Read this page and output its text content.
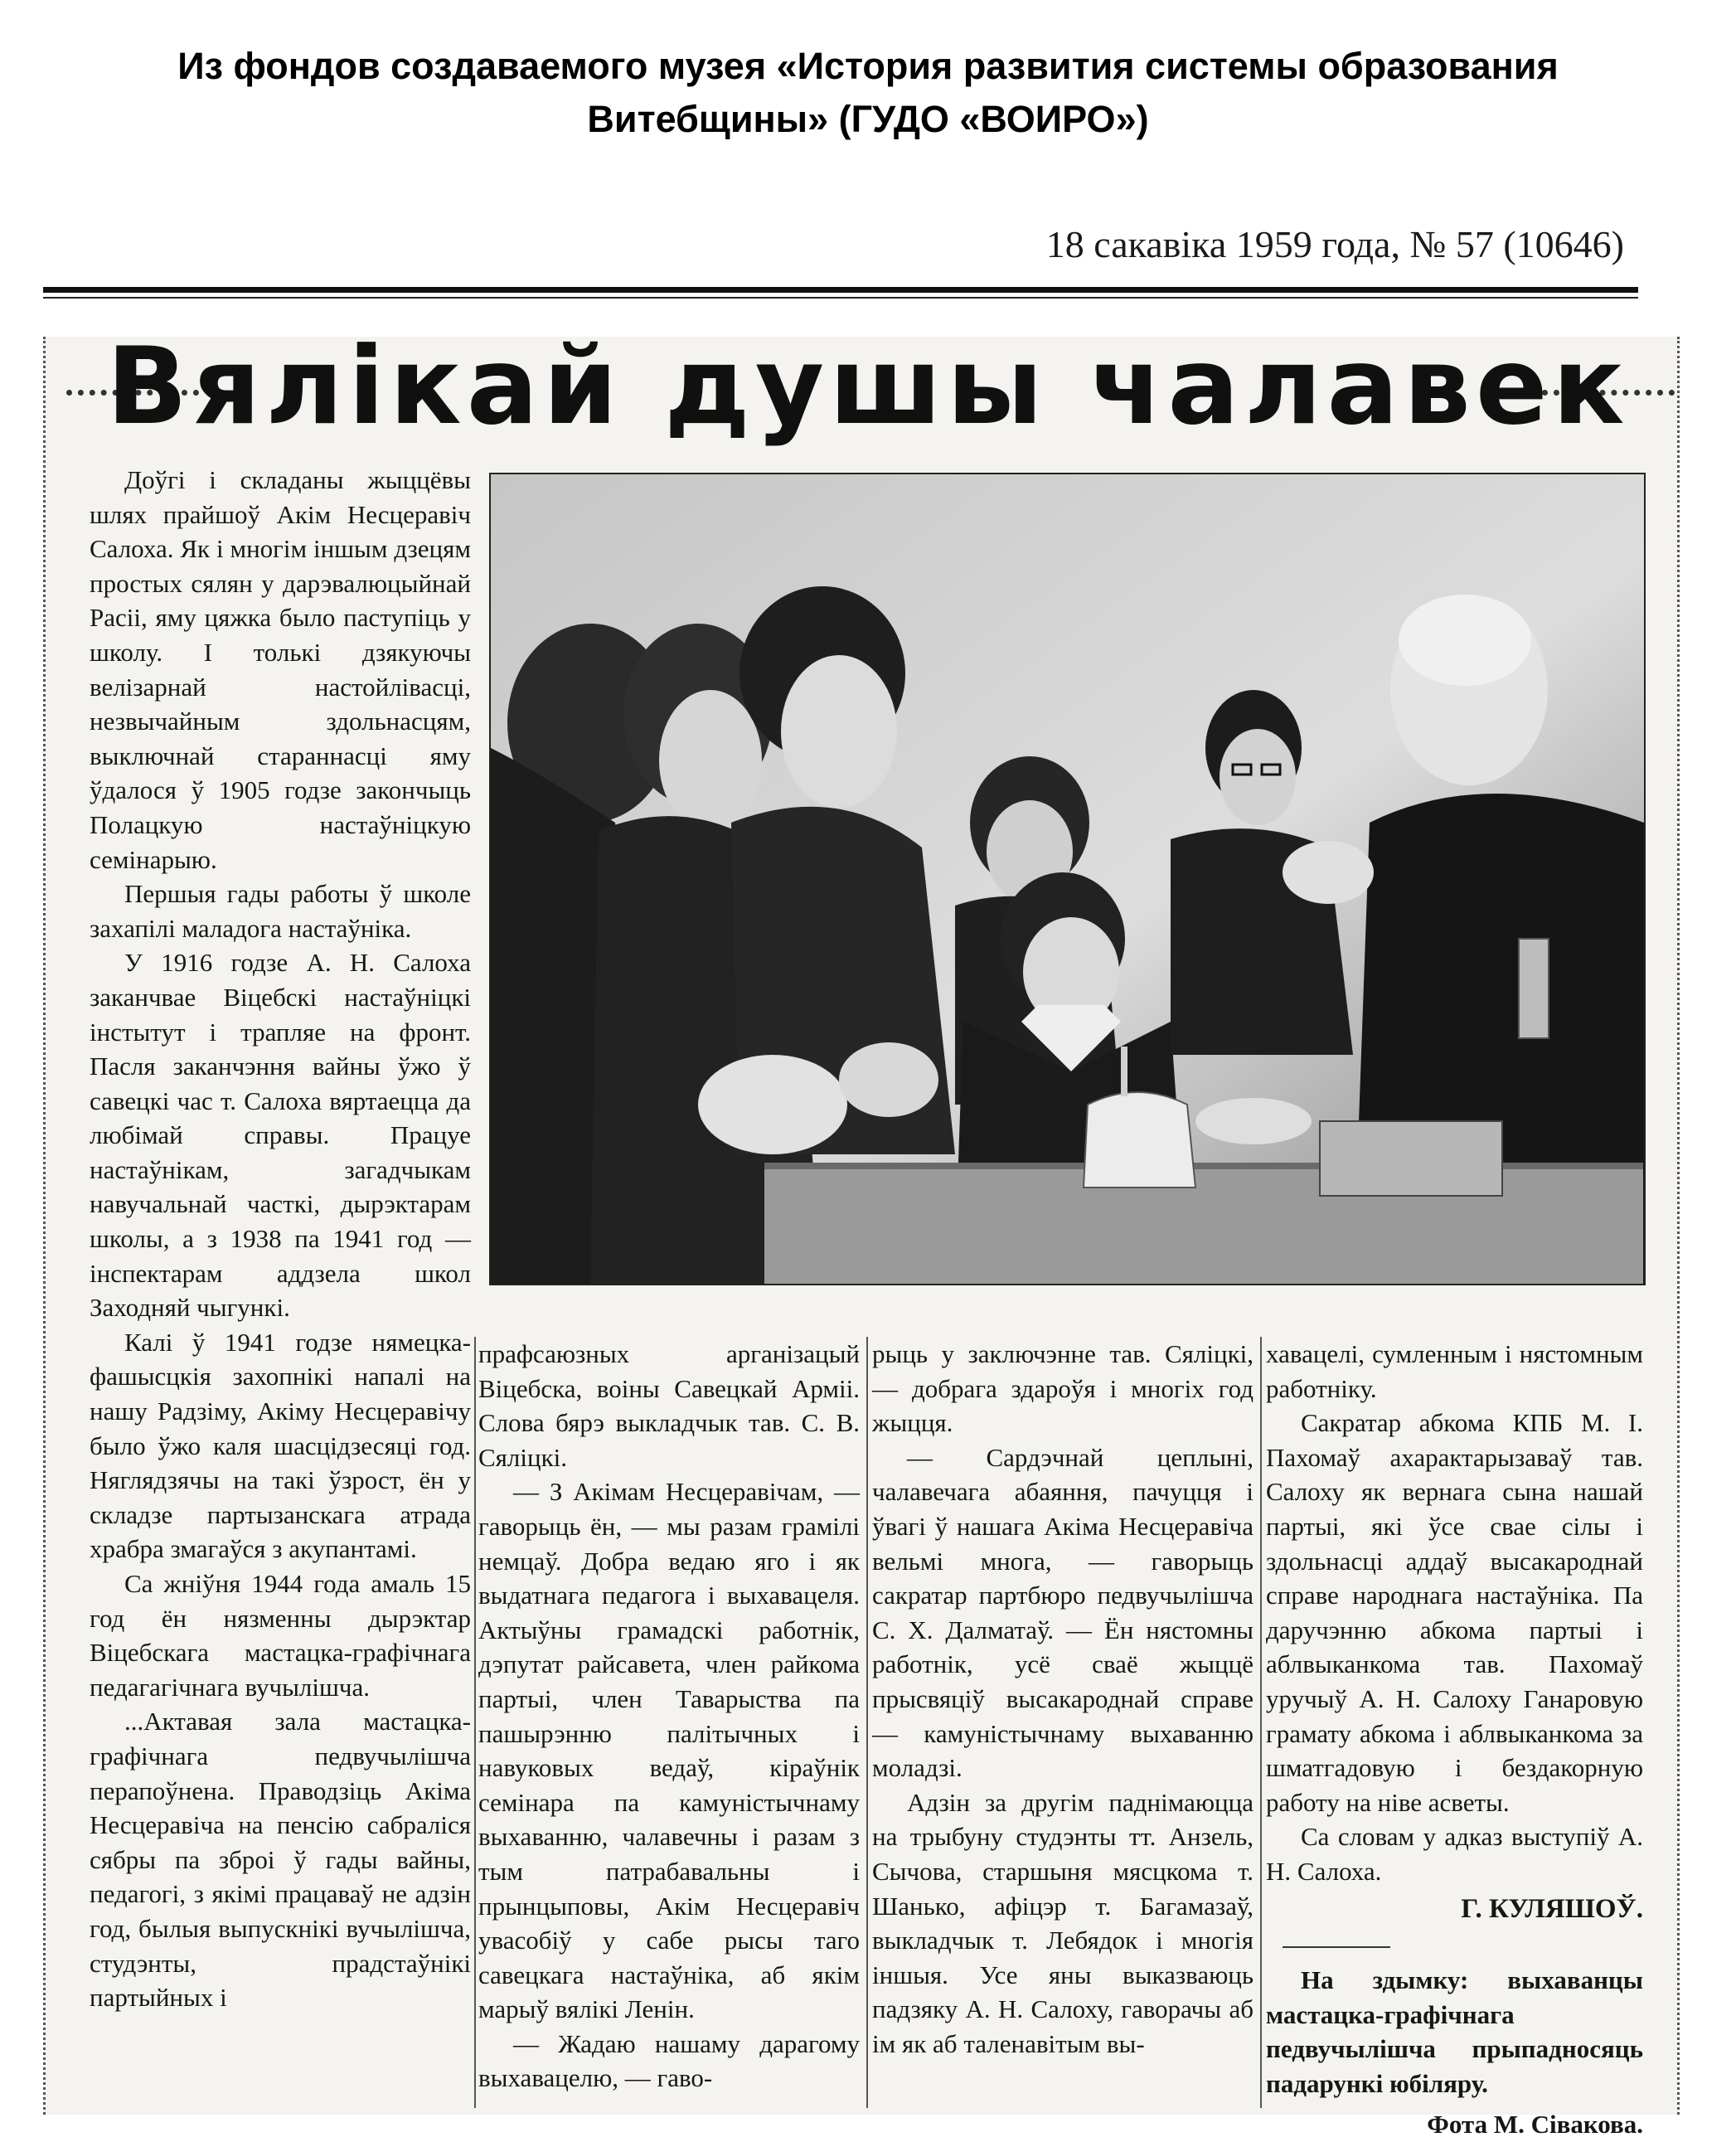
Из фондов создаваемого музея «История развития системы образования
Витебщины» (ГУДО «ВОИРО»)
18 сакавіка 1959 года, № 57 (10646)
Вялікай душы чалавек

Доўгі і складаны жыццёвы шлях прайшоў Акім Несцеравіч Салоха. Як і многім іншым дзецям простых сялян у дарэвалюцыйнай Расіі, яму цяжка было паступіць у школу. І толькі дзякуючы велізарнай настойлівасці, незвычайным здольнасцям, выключнай стараннасці яму ўдалося ў 1905 годзе закончыць Полацкую настаўніцкую семінарыю.

Першыя гады работы ў школе захапілі маладога настаўніка.

У 1916 годзе А. Н. Салоха заканчвае Віцебскі настаўніцкі інстытут і трапляе на фронт. Пасля заканчэння вайны ўжо ў савецкі час т. Салоха вяртаецца да любімай справы. Працуе настаўнікам, загадчыкам навучальнай часткі, дырэктарам школы, а з 1938 па 1941 год — інспектарам аддзела школ Заходняй чыгункі.

Калі ў 1941 годзе нямецка-фашысцкія захопнікі напалі на нашу Радзіму, Акіму Несцеравічу было ўжо каля шасцідзесяці год. Няглядзячы на такі ўзрост, ён у складзе партызанскага атрада храбра змагаўся з акупантамі.

Са жніўня 1944 года амаль 15 год ён нязменны дырэктар Віцебскага мастацка-графічнага педагагічнага вучылішча.

...Актавая зала мастацка-графічнага педвучылішча перапоўнена. Праводзіць Акіма Несцеравіча на пенсію сабраліся сябры па зброі ў гады вайны, педагогі, з якімі працаваў не адзін год, былыя выпускнікі вучылішча, студэнты, прадстаўнікі партыйных і

прафсаюзных арганізацый Віцебска, воіны Савецкай Арміі. Слова бярэ выкладчык тав. С. В. Сяліцкі.

— З Акімам Несцеравічам, — гаворыць ён, — мы разам грамілі немцаў. Добра ведаю яго і як выдатнага педагога і выхавацеля. Актыўны грамадскі работнік, дэпутат райсавета, член райкома партыі, член Таварыства па пашырэнню палітычных і навуковых ведаў, кіраўнік семінара па камуністычнаму выхаванню, чалавечны і разам з тым патрабавальны і прынцыповы, Акім Несцеравіч увасобіў у сабе рысы таго савецкага настаўніка, аб якім марыў вялікі Ленін.

— Жадаю нашаму дарагому выхавацелю, — гаво-

рыць у заключэнне тав. Сяліцкі, — добрага здароўя і многіх год жыцця.

— Сардэчнай цеплыні, чалавечага абаяння, пачуцця і ўвагі ў нашага Акіма Несцеравіча вельмі многа, — гаворыць сакратар партбюро педвучылішча С. Х. Далматаў. — Ён нястомны работнік, усё сваё жыццё прысвяціў высакароднай справе — камуністычнаму выхаванню моладзі.

Адзін за другім паднімаюцца на трыбуну студэнты тт. Анзель, Сычова, старшыня мясцкома т. Шанько, афіцэр т. Багамазаў, выкладчык т. Лебядок і многія іншыя. Усе яны выказваюць падзяку А. Н. Салоху, гаворачы аб ім як аб таленавітым вы-

хавацелі, сумленным і нястомным работніку.

Сакратар абкома КПБ М. І. Пахомаў ахарактарызаваў тав. Салоху як вернага сына нашай партыі, які ўсе свае сілы і здольнасці аддаў высакароднай справе народнага настаўніка. Па даручэнню абкома партыі і аблвыканкома тав. Пахомаў уручыў А. Н. Салоху Ганаровую грамату абкома і аблвыканкома за шматгадовую і бездакорную работу на ніве асветы.

Са словам у адказ выступіў А. Н. Салоха.

Г. КУЛЯШОЎ.

На здымку: выхаванцы мастацка-графічнага педвучылішча прыпадносяць падарункі юбіляру.

Фота М. Сівакова.
